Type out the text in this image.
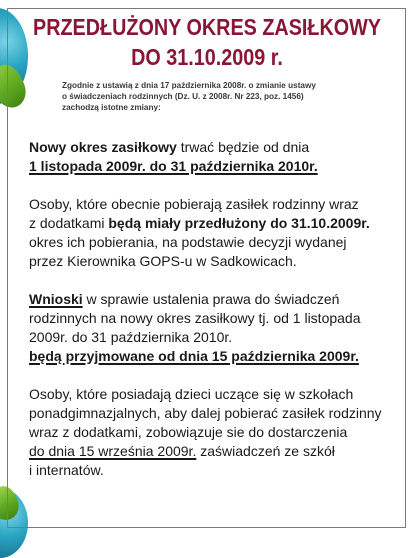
PRZEDŁUŻONY OKRES ZASIŁKOWY
DO 31.10.2009 r.
Zgodnie z ustawią z dnia 17 października 2008r. o zmianie ustawy
o świadczeniach rodzinnych (Dz. U. z 2008r. Nr 223, poz. 1456)
zachodzą istotne zmiany:

Nowy okres zasiłkowy trwać będzie od dnia
1 listopada 2009r. do 31 października 2010r.

Osoby, które obecnie pobierają zasiłek rodzinny wraz
z dodatkami będą miały przedłużony do 31.10.2009r.
okres ich pobierania, na podstawie decyzji wydanej
przez Kierownika GOPS-u w Sadkowicach.

Wnioski w sprawie ustalenia prawa do świadczeń
rodzinnych na nowy okres zasiłkowy tj. od 1 listopada
2009r. do 31 października 2010r.
będą przyjmowane od dnia 15 października 2009r.

Osoby, które posiadają dzieci uczące się w szkołach
ponadgimnazjalnych, aby dalej pobierać zasiłek rodzinny
wraz z dodatkami, zobowiązuje sie do dostarczenia
do dnia 15 września 2009r. zaświadczeń ze szkół
i internatów.
